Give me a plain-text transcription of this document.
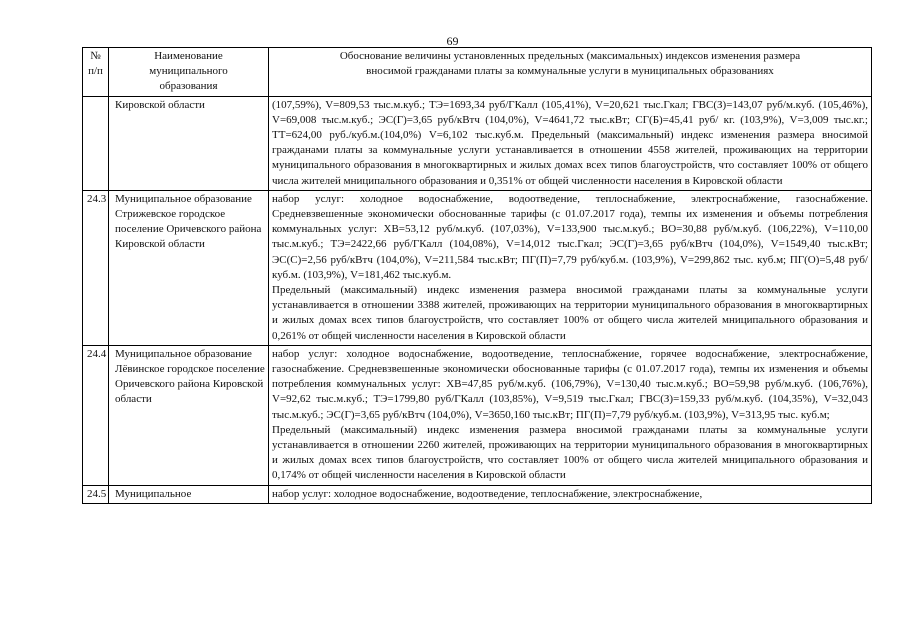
69
№
п/п	Наименование
муниципального
образования	Обоснование величины установленных предельных (максимальных) индексов изменения размера
вносимой гражданами платы за коммунальные услуги в муниципальных образованиях
	Кировской области	(107,59%), V=809,53 тыс.м.куб.; ТЭ=1693,34 руб/ГКалл (105,41%), V=20,621 тыс.Гкал; ГВС(З)=143,07 руб/м.куб. (105,46%), V=69,008 тыс.м.куб.; ЭС(Г)=3,65 руб/кВтч (104,0%), V=4641,72 тыс.кВт; СГ(Б)=45,41 руб/ кг. (103,9%), V=3,009 тыс.кг.; ТТ=624,00 руб./куб.м.(104,0%) V=6,102 тыс.куб.м. Предельный (максимальный) индекс изменения размера вносимой гражданами платы за коммунальные услуги устанавливается в отношении 4558 жителей, проживающих на территории муниципального образования в многоквартирных и жилых домах всех типов благоустройств, что составляет 100% от общего числа жителей мниципального образования и 0,351% от общей численности населения в Кировской области

24.3	Муниципальное образование Стрижевское городское поселение Оричевского района Кировской области	набор услуг: холодное водоснабжение, водоотведение, теплоснабжение, электроснабжение, газоснабжение. Средневзвешенные экономически обоснованные тарифы (с 01.07.2017 года), темпы их изменения и объемы потребления коммунальных услуг: ХВ=53,12 руб/м.куб. (107,03%), V=133,900 тыс.м.куб.; ВО=30,88 руб/м.куб. (106,22%), V=110,00 тыс.м.куб.; ТЭ=2422,66 руб/ГКалл (104,08%), V=14,012 тыс.Гкал; ЭС(Г)=3,65 руб/кВтч (104,0%), V=1549,40 тыс.кВт; ЭС(С)=2,56 руб/кВтч (104,0%), V=211,584 тыс.кВт; ПГ(П)=7,79 руб/куб.м. (103,9%), V=299,862 тыс. куб.м; ПГ(О)=5,48 руб/куб.м. (103,9%), V=181,462 тыс.куб.м.
Предельный (максимальный) индекс изменения размера вносимой гражданами платы за коммунальные услуги устанавливается в отношении 3388 жителей, проживающих на территории муниципального образования в многоквартирных и жилых домах всех типов благоустройств, что составляет 100% от общего числа жителей мниципального образования и 0,261% от общей численности населения в Кировской области

24.4	Муниципальное образование Лёвинское городское поселение Оричевского района Кировской области	набор услуг: холодное водоснабжение, водоотведение, теплоснабжение, горячее водоснабжение, электроснабжение, газоснабжение. Средневзвешенные экономически обоснованные тарифы (с 01.07.2017 года), темпы их изменения и объемы потребления коммунальных услуг: ХВ=47,85 руб/м.куб. (106,79%), V=130,40 тыс.м.куб.; ВО=59,98 руб/м.куб. (106,76%), V=92,62 тыс.м.куб.; ТЭ=1799,80 руб/ГКалл (103,85%), V=9,519 тыс.Гкал; ГВС(З)=159,33 руб/м.куб. (104,35%), V=32,043 тыс.м.куб.; ЭС(Г)=3,65 руб/кВтч (104,0%), V=3650,160 тыс.кВт; ПГ(П)=7,79 руб/куб.м. (103,9%), V=313,95 тыс. куб.м;
Предельный (максимальный) индекс изменения размера вносимой гражданами платы за коммунальные услуги устанавливается в отношении 2260 жителей, проживающих на территории муниципального образования в многоквартирных и жилых домах всех типов благоустройств, что составляет 100% от общего числа жителей мниципального образования и 0,174% от общей численности населения в Кировской области

24.5	Муниципальное	набор услуг: холодное водоснабжение, водоотведение, теплоснабжение, электроснабжение,
